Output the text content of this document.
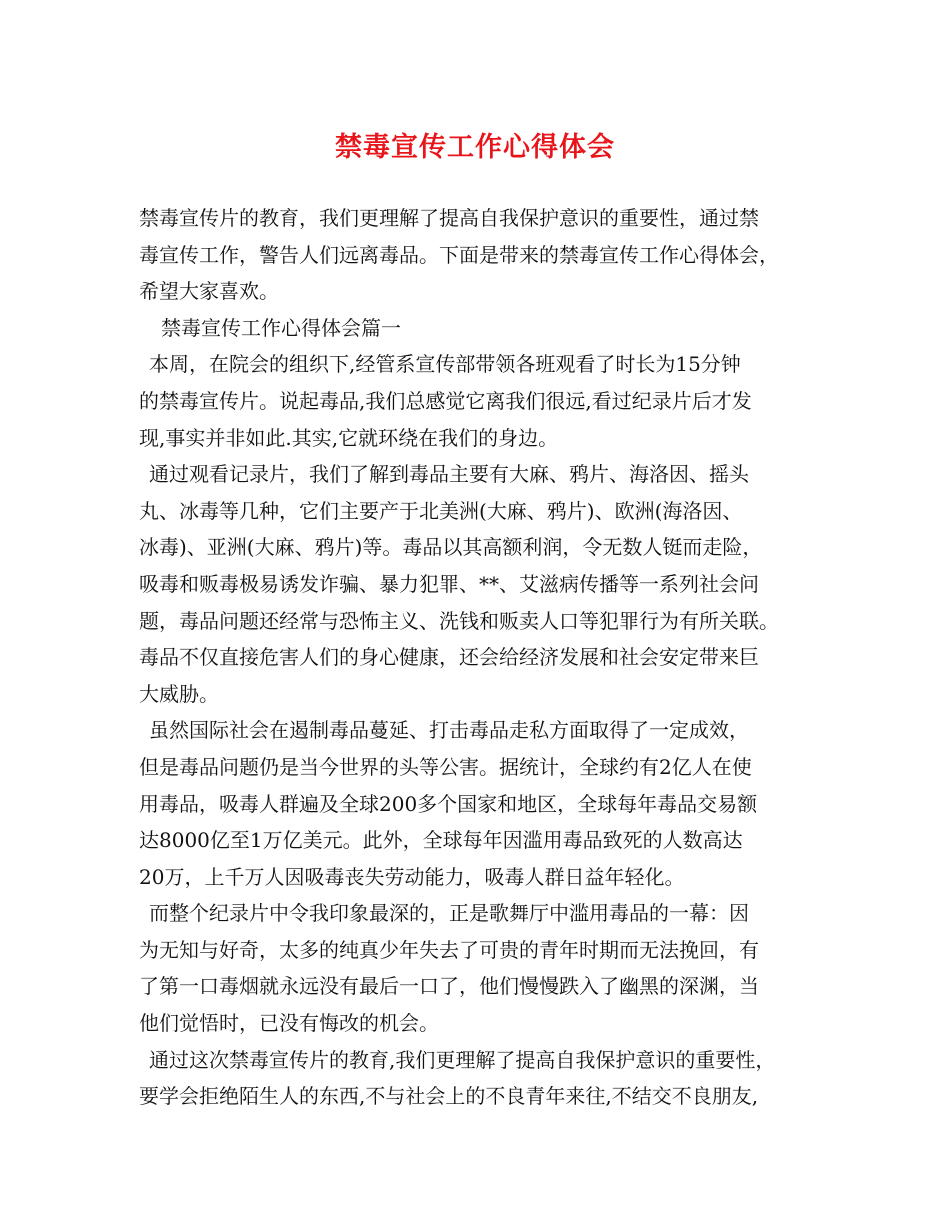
禁毒宣传工作心得体会
禁毒宣传片的教育，我们更理解了提高自我保护意识的重要性，通过禁
毒宣传工作，警告人们远离毒品。下面是带来的禁毒宣传工作心得体会，
希望大家喜欢。
禁毒宣传工作心得体会篇一
本周，在院会的组织下,经管系宣传部带领各班观看了时长为15分钟
的禁毒宣传片。说起毒品,我们总感觉它离我们很远,看过纪录片后才发
现,事实并非如此.其实,它就环绕在我们的身边。
通过观看记录片，我们了解到毒品主要有大麻、鸦片、海洛因、摇头
丸、冰毒等几种，它们主要产于北美洲(大麻、鸦片)、欧洲(海洛因、
冰毒)、亚洲(大麻、鸦片)等。毒品以其高额利润，令无数人铤而走险，
吸毒和贩毒极易诱发诈骗、暴力犯罪、**、艾滋病传播等一系列社会问
题，毒品问题还经常与恐怖主义、洗钱和贩卖人口等犯罪行为有所关联。
毒品不仅直接危害人们的身心健康，还会给经济发展和社会安定带来巨
大威胁。
虽然国际社会在遏制毒品蔓延、打击毒品走私方面取得了一定成效，
但是毒品问题仍是当今世界的头等公害。据统计，全球约有2亿人在使
用毒品，吸毒人群遍及全球200多个国家和地区，全球每年毒品交易额
达8000亿至1万亿美元。此外，全球每年因滥用毒品致死的人数高达
20万，上千万人因吸毒丧失劳动能力，吸毒人群日益年轻化。
而整个纪录片中令我印象最深的，正是歌舞厅中滥用毒品的一幕：因
为无知与好奇，太多的纯真少年失去了可贵的青年时期而无法挽回，有
了第一口毒烟就永远没有最后一口了，他们慢慢跌入了幽黑的深渊，当
他们觉悟时，已没有悔改的机会。
通过这次禁毒宣传片的教育,我们更理解了提高自我保护意识的重要性，
要学会拒绝陌生人的东西,不与社会上的不良青年来往,不结交不良朋友,
